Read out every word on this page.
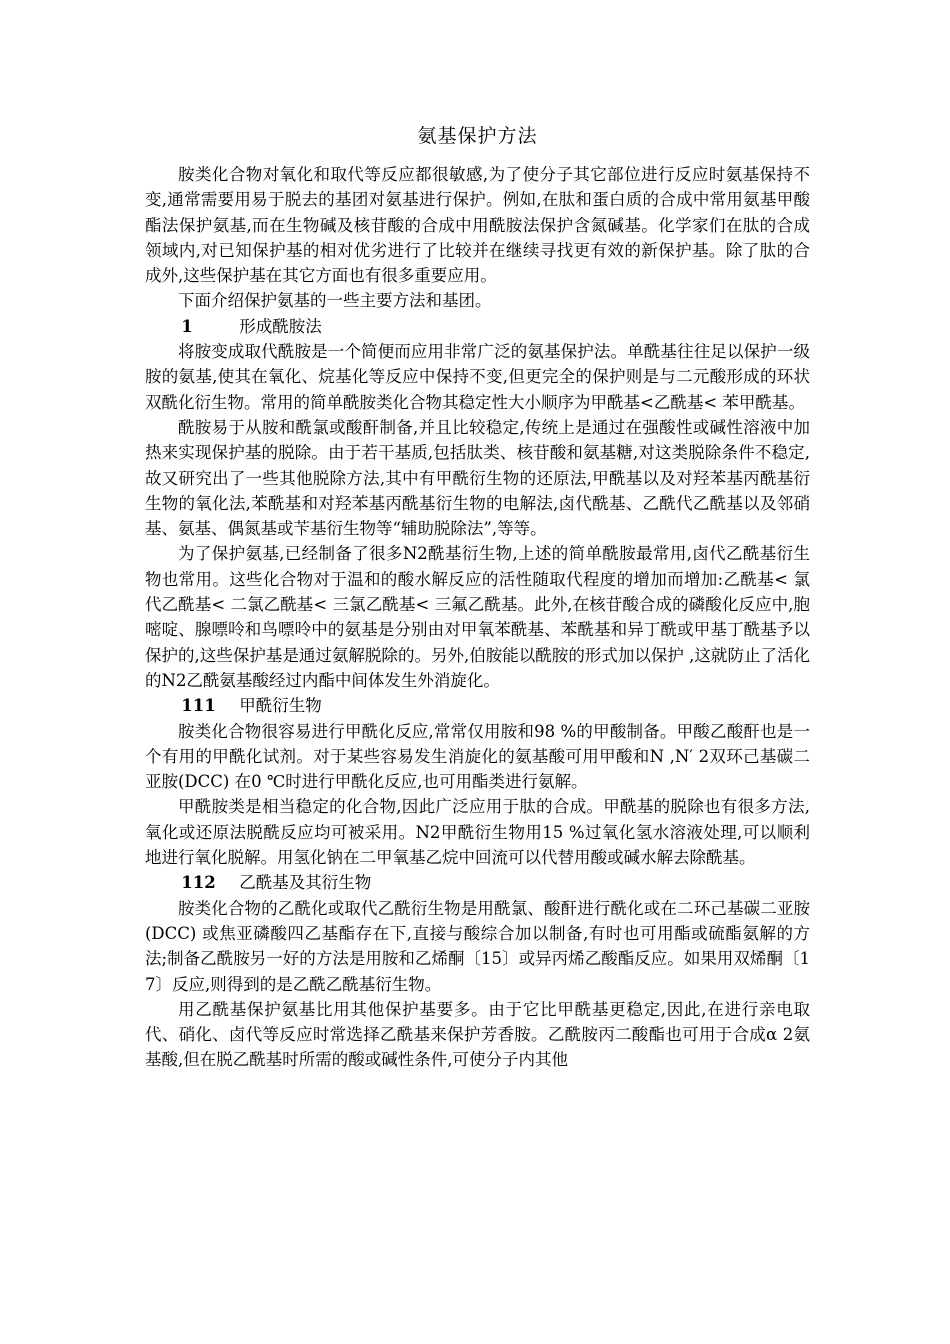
氨基保护方法

胺类化合物对氧化和取代等反应都很敏感,为了使分子其它部位进行反应时氨基保持不变,通常需要用易于脱去的基团对氨基进行保护。例如,在肽和蛋白质的合成中常用氨基甲酸酯法保护氨基,而在生物碱及核苷酸的合成中用酰胺法保护含氮碱基。化学家们在肽的合成领域内,对已知保护基的相对优劣进行了比较并在继续寻找更有效的新保护基。除了肽的合成外,这些保护基在其它方面也有很多重要应用。

下面介绍保护氨基的一些主要方法和基团。

1	形成酰胺法

将胺变成取代酰胺是一个简便而应用非常广泛的氨基保护法。单酰基往往足以保护一级胺的氨基,使其在氧化、烷基化等反应中保持不变,但更完全的保护则是与二元酸形成的环状双酰化衍生物。常用的简单酰胺类化合物其稳定性大小顺序为甲酰基<乙酰基< 苯甲酰基。

酰胺易于从胺和酰氯或酸酐制备,并且比较稳定,传统上是通过在强酸性或碱性溶液中加热来实现保护基的脱除。由于若干基质,包括肽类、核苷酸和氨基糖,对这类脱除条件不稳定,故又研究出了一些其他脱除方法,其中有甲酰衍生物的还原法,甲酰基以及对羟苯基丙酰基衍生物的氧化法,苯酰基和对羟苯基丙酰基衍生物的电解法,卤代酰基、乙酰代乙酰基以及邻硝基、氨基、偶氮基或苄基衍生物等“辅助脱除法”,等等。

为了保护氨基,已经制备了很多N2酰基衍生物,上述的简单酰胺最常用,卤代乙酰基衍生物也常用。这些化合物对于温和的酸水解反应的活性随取代程度的增加而增加:乙酰基< 氯代乙酰基< 二氯乙酰基< 三氯乙酰基< 三氟乙酰基。此外,在核苷酸合成的磷酸化反应中,胞嘧啶、腺嘌呤和鸟嘌呤中的氨基是分别由对甲氧苯酰基、苯酰基和异丁酰或甲基丁酰基予以保护的,这些保护基是通过氨解脱除的。另外,伯胺能以酰胺的形式加以保护 ,这就防止了活化的N2乙酰氨基酸经过内酯中间体发生外消旋化。

111 甲酰衍生物

胺类化合物很容易进行甲酰化反应,常常仅用胺和98 %的甲酸制备。甲酸乙酸酐也是一个有用的甲酰化试剂。对于某些容易发生消旋化的氨基酸可用甲酸和N ,N′ 2双环己基碳二亚胺(DCC) 在0 ℃时进行甲酰化反应,也可用酯类进行氨解。

甲酰胺类是相当稳定的化合物,因此广泛应用于肽的合成。甲酰基的脱除也有很多方法,氧化或还原法脱酰反应均可被采用。N2甲酰衍生物用15 %过氧化氢水溶液处理,可以顺利地进行氧化脱解。用氢化钠在二甲氧基乙烷中回流可以代替用酸或碱水解去除酰基。

112 乙酰基及其衍生物

胺类化合物的乙酰化或取代乙酰衍生物是用酰氯、酸酐进行酰化或在二环己基碳二亚胺(DCC) 或焦亚磷酸四乙基酯存在下,直接与酸综合加以制备,有时也可用酯或硫酯氨解的方法;制备乙酰胺另一好的方法是用胺和乙烯酮〔15〕或异丙烯乙酸酯反应。如果用双烯酮〔17〕反应,则得到的是乙酰乙酰基衍生物。

用乙酰基保护氨基比用其他保护基要多。由于它比甲酰基更稳定,因此,在进行亲电取代、硝化、卤代等反应时常选择乙酰基来保护芳香胺。乙酰胺丙二酸酯也可用于合成α 2氨基酸,但在脱乙酰基时所需的酸或碱性条件,可使分子内其他
